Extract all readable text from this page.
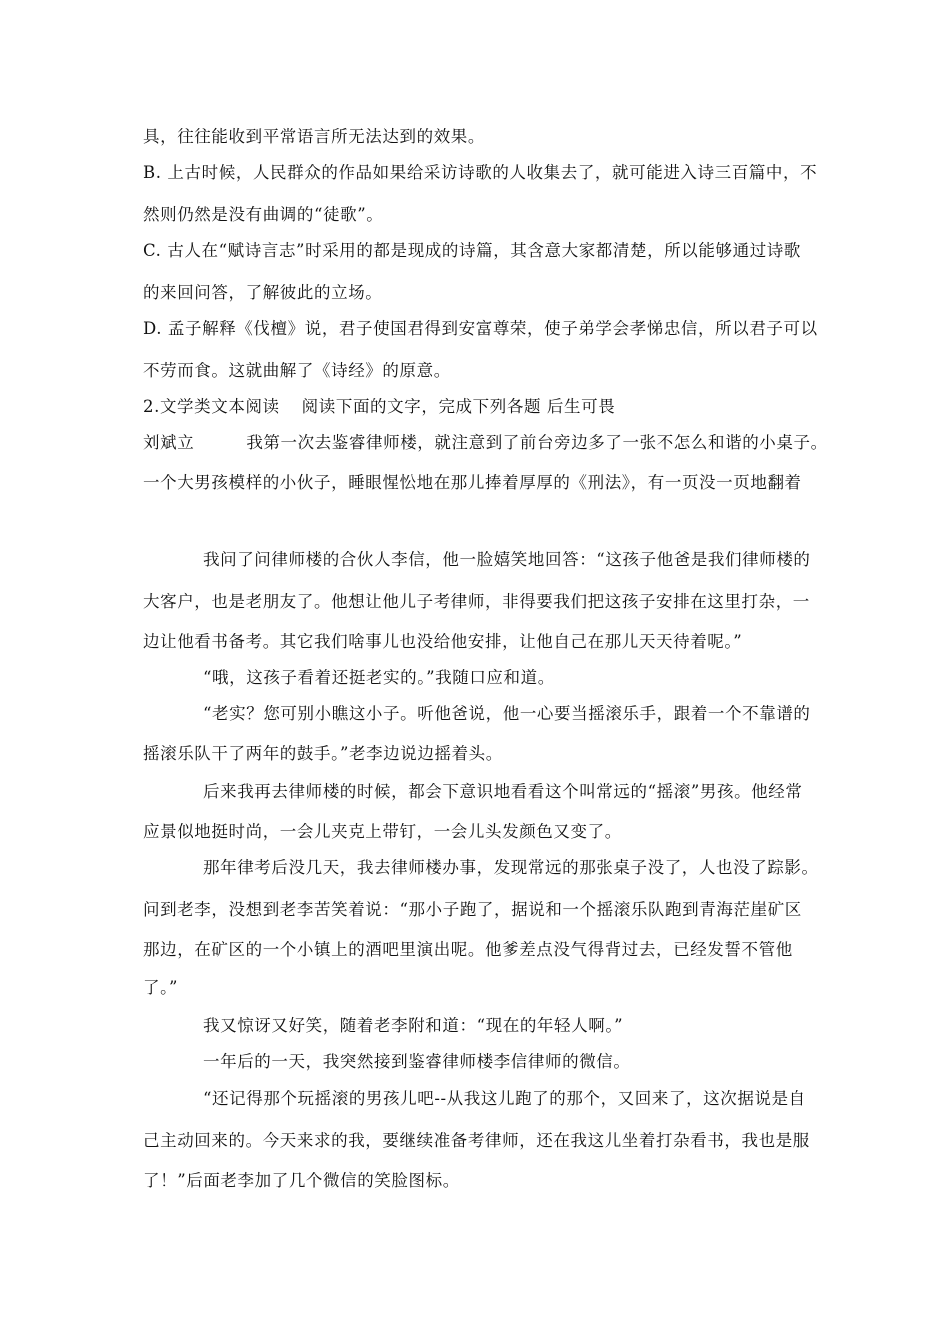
具，往往能收到平常语言所无法达到的效果。
B. 上古时候，人民群众的作品如果给采访诗歌的人收集去了，就可能进入诗三百篇中，不
然则仍然是没有曲调的“徒歌”。
C. 古人在“赋诗言志”时采用的都是现成的诗篇，其含意大家都清楚，所以能够通过诗歌
的来回问答，了解彼此的立场。
D. 孟子解释《伐檀》说，君子使国君得到安富尊荣，使子弟学会孝悌忠信，所以君子可以
不劳而食。这就曲解了《诗经》的原意。
2.文学类文本阅读 阅读下面的文字，完成下列各题 后生可畏
刘斌立	我第一次去鉴睿律师楼，就注意到了前台旁边多了一张不怎么和谐的小桌子。
一个大男孩模样的小伙子，睡眼惺忪地在那儿捧着厚厚的《刑法》，有一页没一页地翻着
我问了问律师楼的合伙人李信，他一脸嬉笑地回答：“这孩子他爸是我们律师楼的
大客户，也是老朋友了。他想让他儿子考律师，非得要我们把这孩子安排在这里打杂，一
边让他看书备考。其它我们啥事儿也没给他安排，让他自己在那儿天天待着呢。”
“哦，这孩子看着还挺老实的。”我随口应和道。
“老实？您可别小瞧这小子。听他爸说，他一心要当摇滚乐手，跟着一个不靠谱的
摇滚乐队干了两年的鼓手。”老李边说边摇着头。
后来我再去律师楼的时候，都会下意识地看看这个叫常远的“摇滚”男孩。他经常
应景似地挺时尚，一会儿夹克上带钉，一会儿头发颜色又变了。
那年律考后没几天，我去律师楼办事，发现常远的那张桌子没了，人也没了踪影。
问到老李，没想到老李苦笑着说：“那小子跑了，据说和一个摇滚乐队跑到青海茫崖矿区
那边，在矿区的一个小镇上的酒吧里演出呢。他爹差点没气得背过去，已经发誓不管他
了。”
我又惊讶又好笑，随着老李附和道：“现在的年轻人啊。”
一年后的一天，我突然接到鉴睿律师楼李信律师的微信。
“还记得那个玩摇滚的男孩儿吧--从我这儿跑了的那个，又回来了，这次据说是自
己主动回来的。今天来求的我，要继续准备考律师，还在我这儿坐着打杂看书，我也是服
了！”后面老李加了几个微信的笑脸图标。
